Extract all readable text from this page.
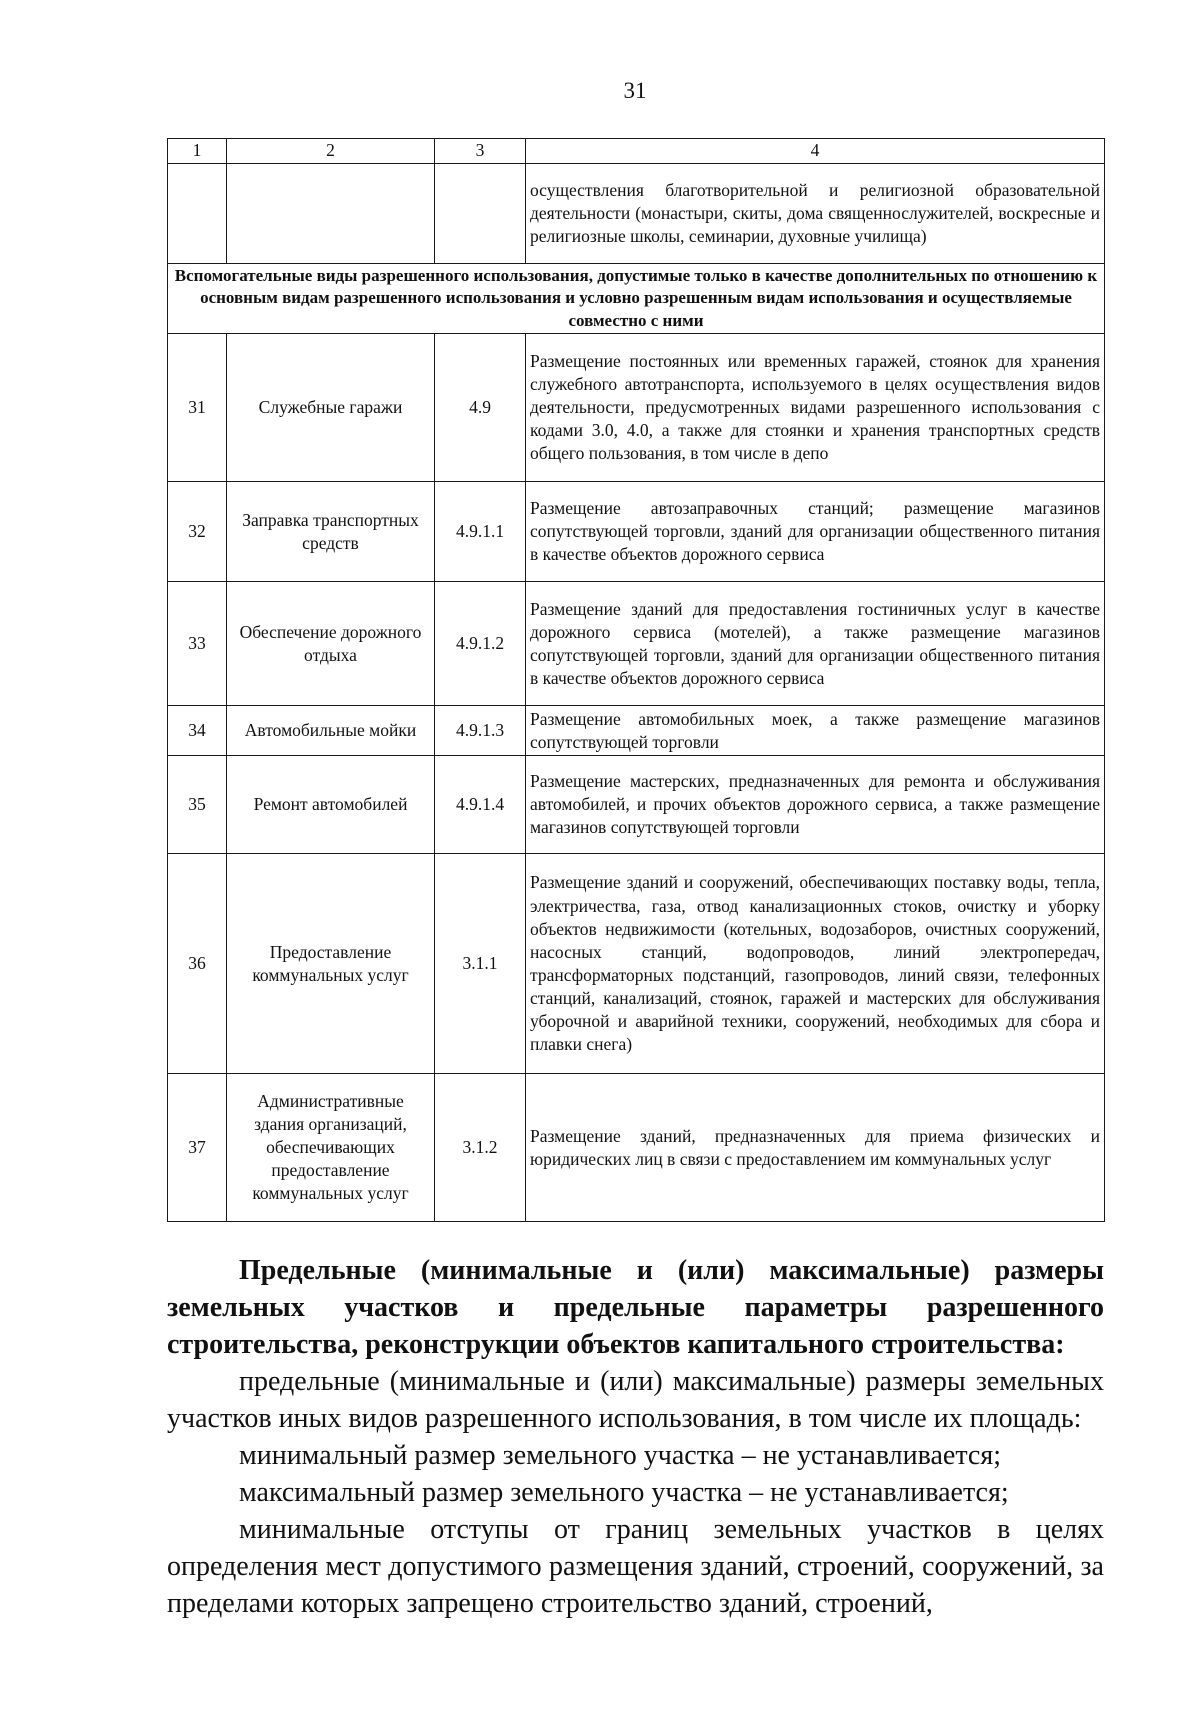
31
1	2	3	4
			осуществления благотворительной и религиозной образовательной деятельности (монастыри, скиты, дома священнослужителей, воскресные и религиозные школы, семинарии, духовные училища)
Вспомогательные виды разрешенного использования, допустимые только в качестве дополнительных по отношению к основным видам разрешенного использования и условно разрешенным видам использования и осуществляемые совместно с ними			
31	Служебные гаражи	4.9	Размещение постоянных или временных гаражей, стоянок для хранения служебного автотранспорта, используемого в целях осуществления видов деятельности, предусмотренных видами разрешенного использования с кодами 3.0, 4.0, а также для стоянки и хранения транспортных средств общего пользования, в том числе в депо
32	Заправка транспортных средств	4.9.1.1	Размещение автозаправочных станций; размещение магазинов сопутствующей торговли, зданий для организации общественного питания в качестве объектов дорожного сервиса
33	Обеспечение дорожного отдыха	4.9.1.2	Размещение зданий для предоставления гостиничных услуг в качестве дорожного сервиса (мотелей), а также размещение магазинов сопутствующей торговли, зданий для организации общественного питания в качестве объектов дорожного сервиса
34	Автомобильные мойки	4.9.1.3	Размещение автомобильных моек, а также размещение магазинов сопутствующей торговли
35	Ремонт автомобилей	4.9.1.4	Размещение мастерских, предназначенных для ремонта и обслуживания автомобилей, и прочих объектов дорожного сервиса, а также размещение магазинов сопутствующей торговли
36	Предоставление коммунальных услуг	3.1.1	Размещение зданий и сооружений, обеспечивающих поставку воды, тепла, электричества, газа, отвод канализационных стоков, очистку и уборку объектов недвижимости (котельных, водозаборов, очистных сооружений, насосных станций, водопроводов, линий электропередач, трансформаторных подстанций, газопроводов, линий связи, телефонных станций, канализаций, стоянок, гаражей и мастерских для обслуживания уборочной и аварийной техники, сооружений, необходимых для сбора и плавки снега)
37	Административные здания организаций, обеспечивающих предоставление коммунальных услуг	3.1.2	Размещение зданий, предназначенных для приема физических и юридических лиц в связи с предоставлением им коммунальных услуг

Предельные (минимальные и (или) максимальные) размеры земельных участков и предельные параметры разрешенного строительства, реконструкции объектов капитального строительства:

предельные (минимальные и (или) максимальные) размеры земельных участков иных видов разрешенного использования, в том числе их площадь:

минимальный размер земельного участка – не устанавливается;

максимальный размер земельного участка – не устанавливается;

минимальные отступы от границ земельных участков в целях определения мест допустимого размещения зданий, строений, сооружений, за пределами которых запрещено строительство зданий, строений,
